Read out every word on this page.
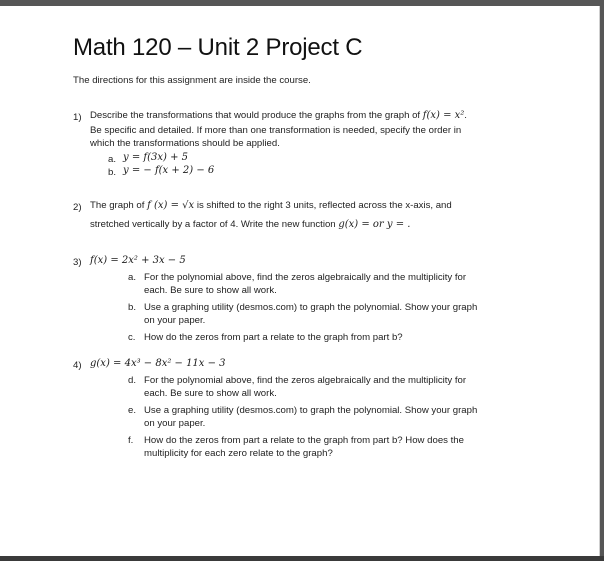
Math 120 – Unit 2 Project C
The directions for this assignment are inside the course.
1) Describe the transformations that would produce the graphs from the graph of f(x) = x².
Be specific and detailed. If more than one transformation is needed, specify the order in
which the transformations should be applied.
a. y = f(3x) + 5
b. y = − f(x + 2) − 6
2) The graph of f (x) = √x is shifted to the right 3 units, reflected across the x-axis, and
stretched vertically by a factor of 4. Write the new function g(x) = or y = .
3) f(x) = 2x² + 3x − 5
4) g(x) = 4x³ − 8x² − 11x − 3
a. For the polynomial above, find the zeros algebraically and the multiplicity for
each. Be sure to show all work.
b. Use a graphing utility (desmos.com) to graph the polynomial. Show your graph
on your paper.
c. How do the zeros from part a relate to the graph from part b?
d. For the polynomial above, find the zeros algebraically and the multiplicity for
each. Be sure to show all work.
e. Use a graphing utility (desmos.com) to graph the polynomial. Show your graph
on your paper.
f. How do the zeros from part a relate to the graph from part b? How does the
multiplicity for each zero relate to the graph?
